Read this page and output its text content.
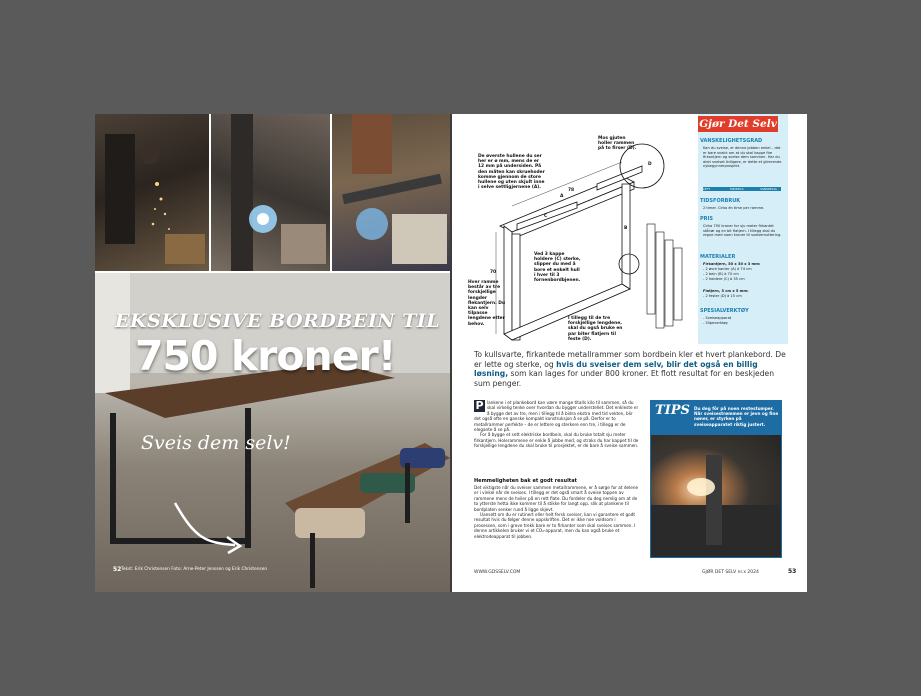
EKSKLUSIVE BORDBEIN TIL
750 kroner!
Sveis dem selv!
52 Tekst: Erik Christensen Foto: Arne-Peter Jenssen og Erik Christensen
De øverste hullene du ser her er ø mm, mens de er 12 mm på undersiden. På den måten kan skruehoder komme gjennom de store hullene og uten skjult inne i selve settligjernene (A).
Mos gjuten holler rammen på to firser (D).
Ved 3 kappe holdere (C) sterke, slipper du med å bore et enkelt hull i hver til 3 fornenbordbjenen.
Hver ramme består av tre forskjellige lengder flekantjern. Du kan selv tilpasse lengdene etter behov.
I tillegg til de tre forskjellige lengdene, skal du også bruke en par biter flatjern til feste (D).
78
70
A
B
C
D
Gjør Det Selv
VANSKELIGHETSGRAD
Kan du sveise, er denne jobben enkel – det er bare snakk om at du skal kappe fire firkantjern og sveise dem sammen. Har du aldri sveiset tidligere, er dette et glimrende nybegynnerprosjekt.
LETT	MIDDELS	VANSKELIG
TIDSFORBRUK
2 timer. Cirka én time per ramme.
PRIS
Cirka 750 kroner for sju meter firkantet stålrør og en bit flatjern. I tillegg skal du regne med noen kroner til sveisemuttering.
MATERIALER
Firkantjern, 50 x 30 x 3 mm:
- 2 øvre kanter (A) à 74 cm
- 2 bein (B) à 70 cm
- 2 holdere (C) à 35 cm
Flatjern, 5 cm x 5 mm:
- 2 fester (D) à 15 cm
SPESIALVERKTØY
- Sveiseapparat
- Slipeverktøy
To kullsvarte, firkantede metallrammer som bordbein kler et hvert plankebord. De er lette og sterke, og hvis du sveiser dem selv, blir det også en billig løsning, som kan lages for under 800 kroner. Et flott resultat for en beskjeden sum penger.
P lankene i et plankebord kan være mange titalls kilo til sammen, så du skal virkelig tenke over hvordan du bygger understellet. Det enkleste er å bygge det av tre, men i tillegg til å bidra ekstra med tid vekten, blir det også ofte en ganske kompakt konstruksjon å se på. Derfor er to metallrammer perfekte – de er lettere og sterkere enn tre, i tillegg er de elegante å se på.
For å bygge et sett elektriske bordbein, skal du bruke totalt sju meter firkantjern. Holerammene er enkle å jobbe med, og straks du har kappet til de forskjellige lengdene du skal bruke til prosjektet, er de bare å sveise sammen.
Hemmeligheten bak et godt resultat
Det viktigste når du sveiser sammen metallrammene, er å sørge for at delene er i vinkel når de sveises. I tillegg er det også smart å sveise toppen av rammene mens de hviler på en rett flate. Du fordeler du deg nemlig om at de to ytterste hetta ikke kommer til å stikke for langt opp, slik at plankene til bordplaten senker rund å ligge skjevt.
Uansett om du er rutinert eller helt fersk sveiser, kan vi garantere et godt resultat hvis du følger denne oppskriften. Det er ikke noe voldsom i prosessen, som i grove trekk bare er to firkanter som skal sveises sammen. I denne artikkelen bruker vi et CO₂-apparat, men du kan også bruke et elektrodeapparat til jobben.
TIPS Du deg fôr på noen restestumper. Når sveisestrømmen er jevn og fine nøner, er styrken på sveiseapparatet riktig justert.
WWW.GDSSELV.COM	GJØR DET SELV nr.x 2024	53
